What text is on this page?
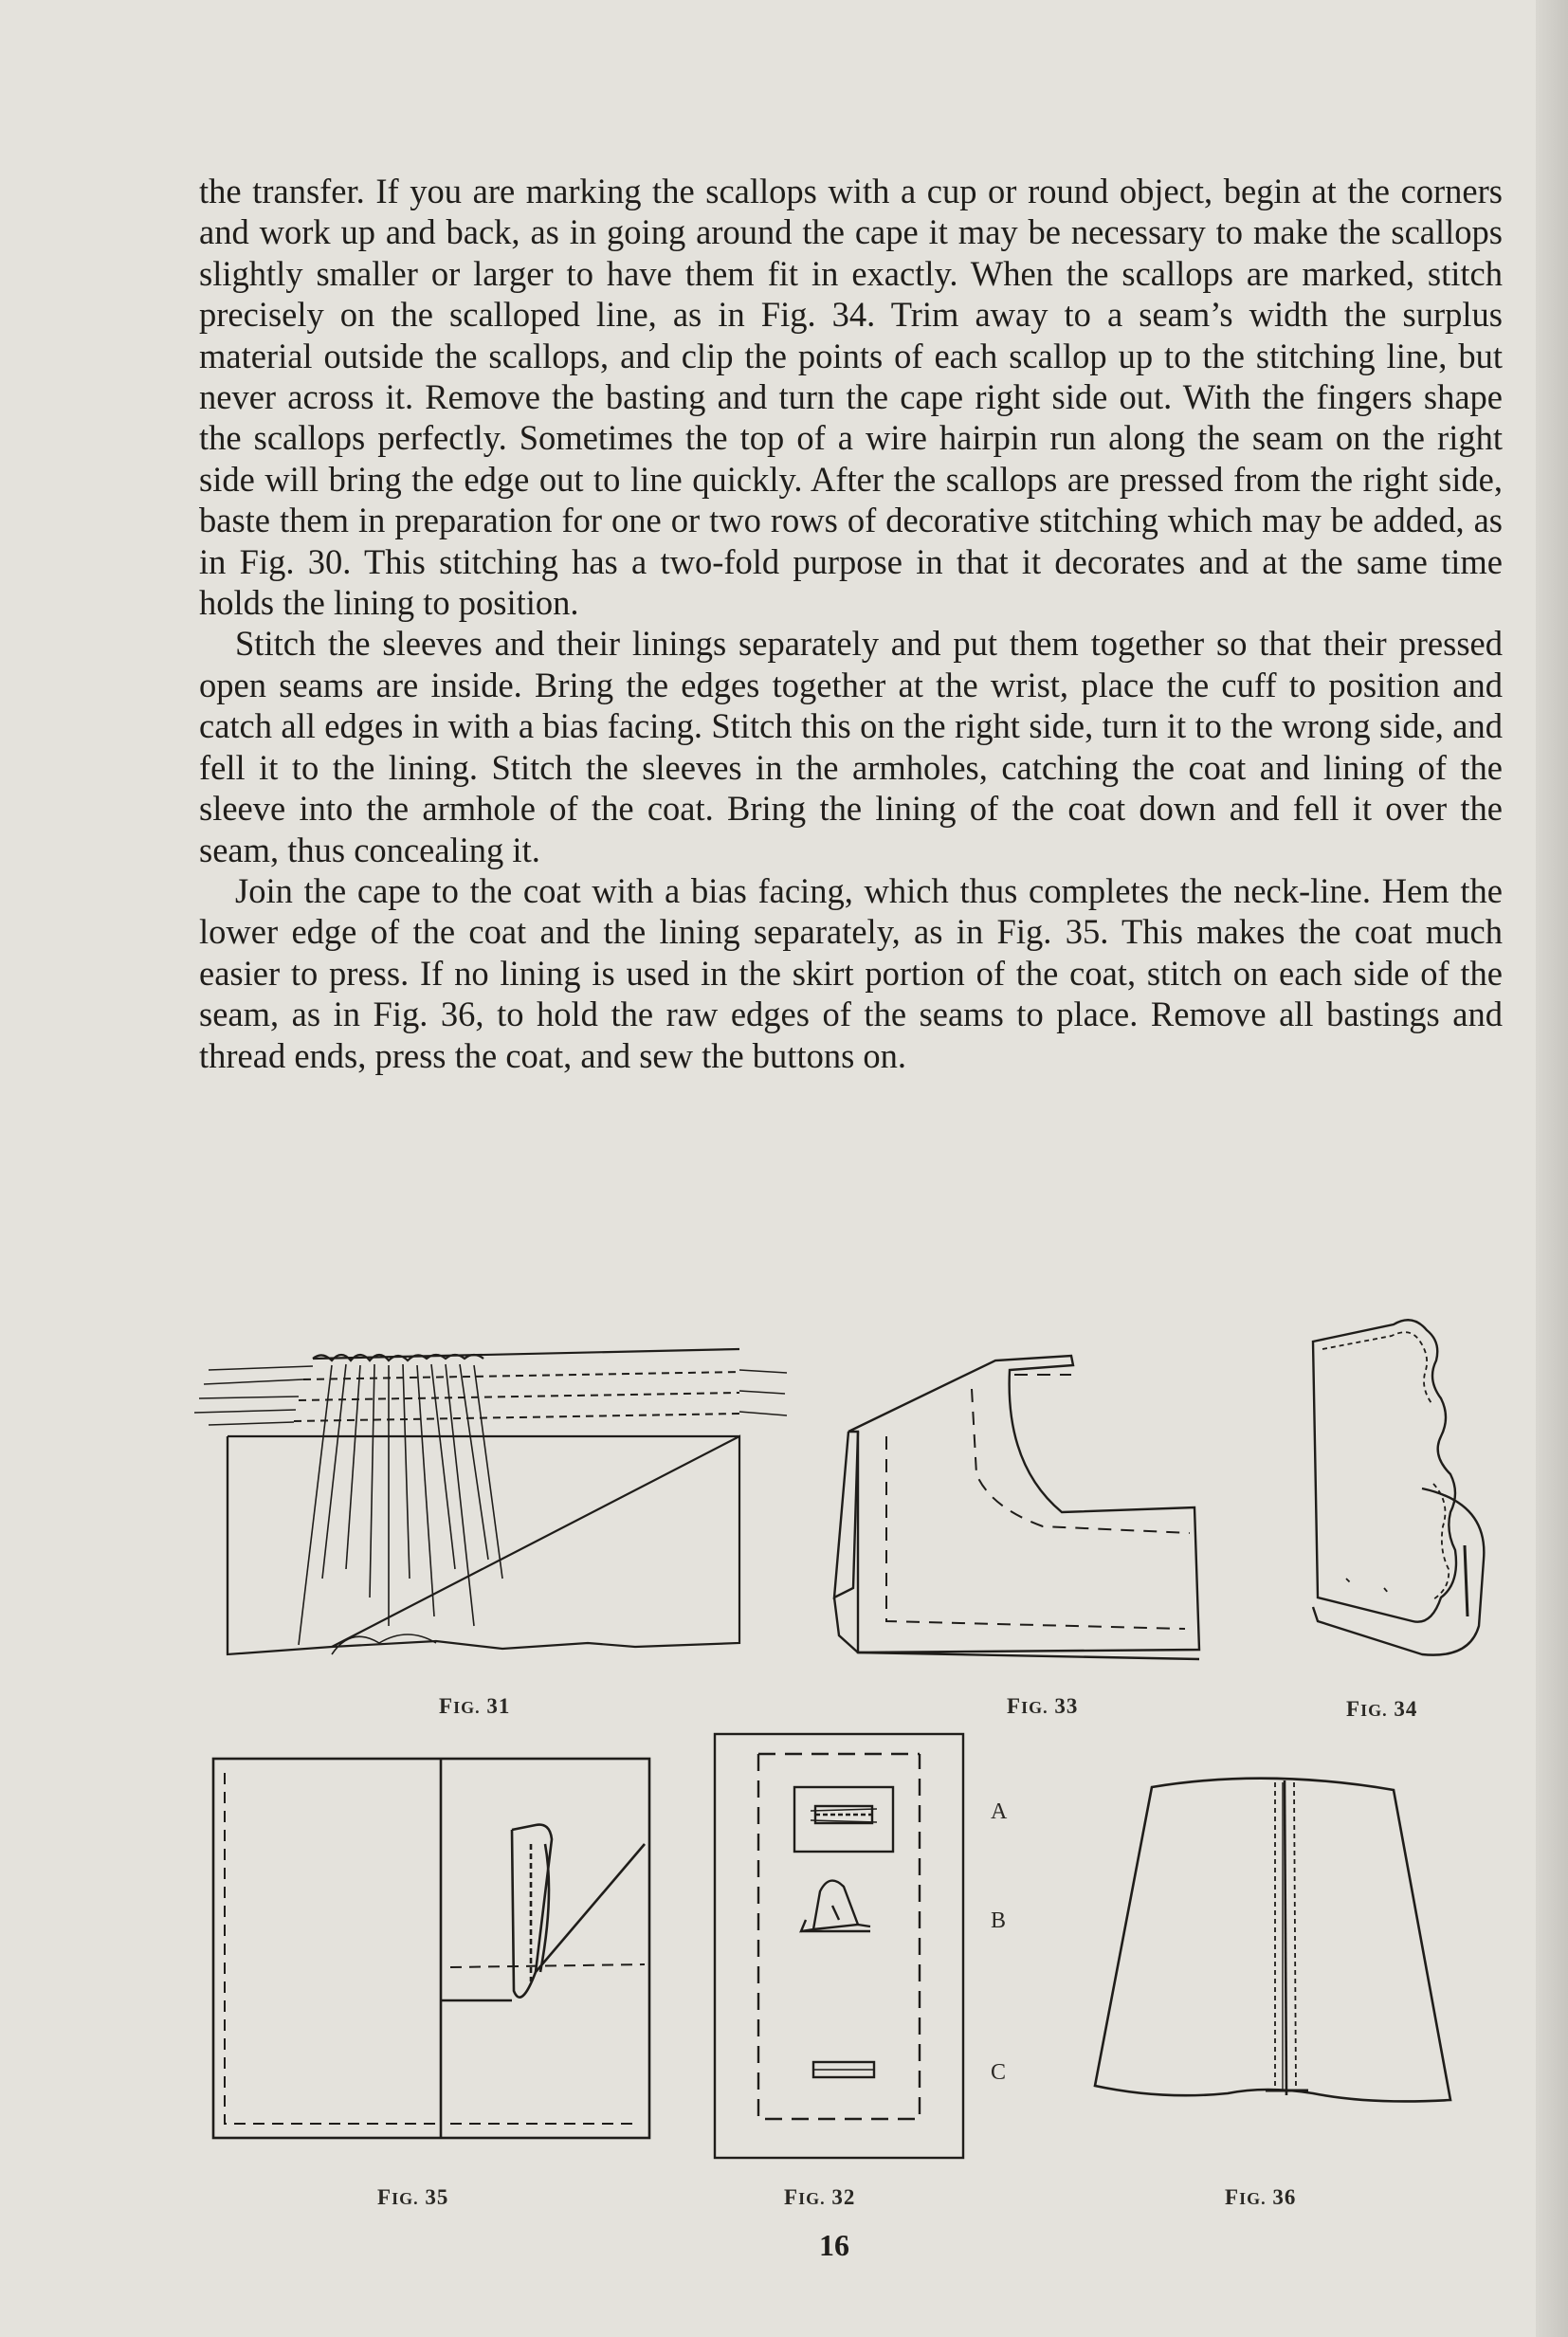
the transfer. If you are marking the scallops with a cup or round object, begin at the corners and work up and back, as in going around the cape it may be necessary to make the scallops slightly smaller or larger to have them fit in exactly. When the scallops are marked, stitch precisely on the scalloped line, as in Fig. 34. Trim away to a seam’s width the surplus material outside the scallops, and clip the points of each scallop up to the stitching line, but never across it. Remove the basting and turn the cape right side out. With the fingers shape the scallops perfectly. Sometimes the top of a wire hairpin run along the seam on the right side will bring the edge out to line quickly. After the scallops are pressed from the right side, baste them in preparation for one or two rows of decorative stitching which may be added, as in Fig. 30. This stitching has a two-fold purpose in that it decorates and at the same time holds the lining to position.

Stitch the sleeves and their linings separately and put them together so that their pressed open seams are inside. Bring the edges together at the wrist, place the cuff to position and catch all edges in with a bias facing. Stitch this on the right side, turn it to the wrong side, and fell it to the lining. Stitch the sleeves in the armholes, catching the coat and lining of the sleeve into the armhole of the coat. Bring the lining of the coat down and fell it over the seam, thus concealing it.

Join the cape to the coat with a bias facing, which thus completes the neck-line. Hem the lower edge of the coat and the lining separately, as in Fig. 35. This makes the coat much easier to press. If no lining is used in the skirt portion of the coat, stitch on each side of the seam, as in Fig. 36, to hold the raw edges of the seams to place. Remove all bastings and thread ends, press the coat, and sew the buttons on.

FIG. 31	FIG. 33	FIG. 34
FIG. 35
A
B
C
FIG. 32	FIG. 36
16
